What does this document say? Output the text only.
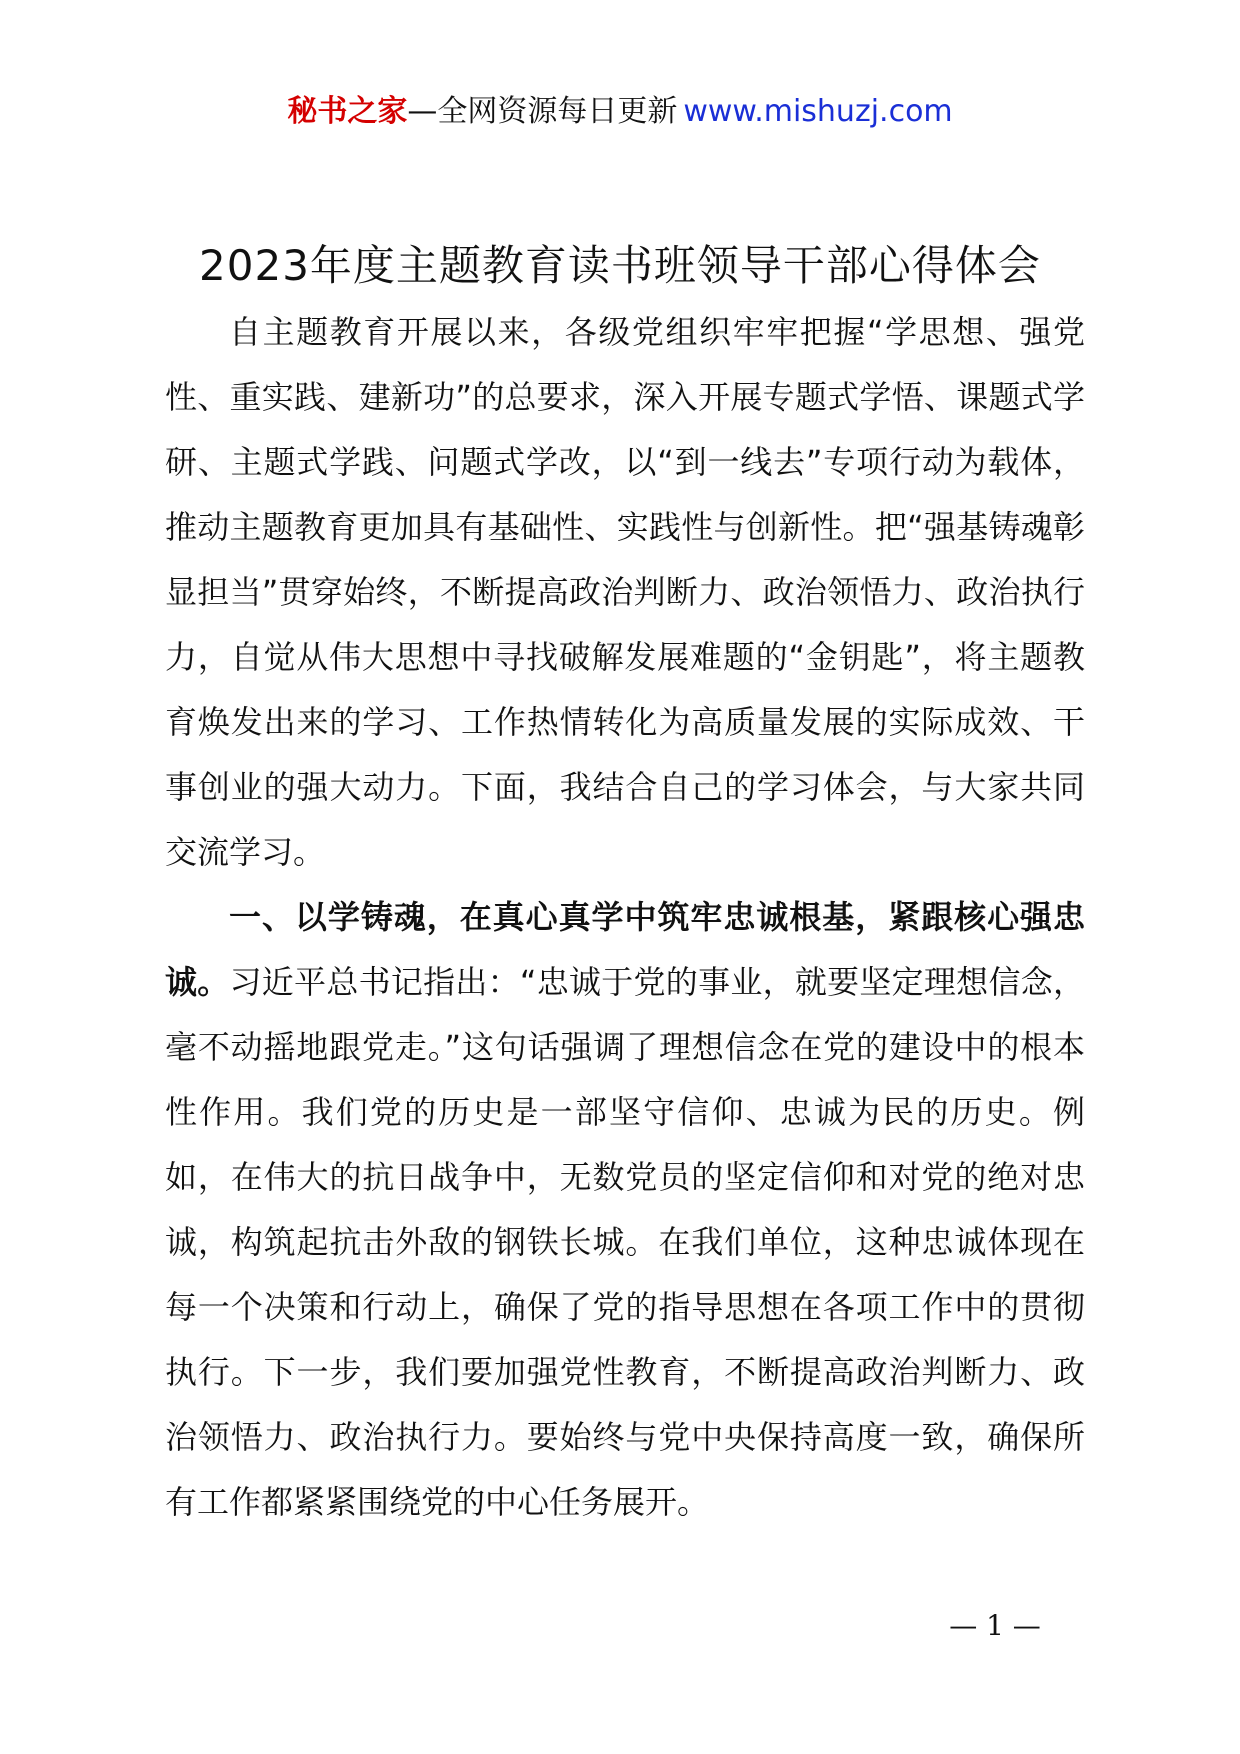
秘书之家—全网资源每日更新 www.mishuzj.com
2023年度主题教育读书班领导干部心得体会

自主题教育开展以来，各级党组织牢牢把握“学思想、强党性、重实践、建新功”的总要求，深入开展专题式学悟、课题式学研、主题式学践、问题式学改，以“到一线去”专项行动为载体，推动主题教育更加具有基础性、实践性与创新性。把“强基铸魂彰显担当”贯穿始终，不断提高政治判断力、政治领悟力、政治执行力，自觉从伟大思想中寻找破解发展难题的“金钥匙”，将主题教育焕发出来的学习、工作热情转化为高质量发展的实际成效、干事创业的强大动力。下面，我结合自己的学习体会，与大家共同交流学习。

一、以学铸魂，在真心真学中筑牢忠诚根基，紧跟核心强忠诚。习近平总书记指出：“忠诚于党的事业，就要坚定理想信念，毫不动摇地跟党走。”这句话强调了理想信念在党的建设中的根本性作用。我们党的历史是一部坚守信仰、忠诚为民的历史。例如，在伟大的抗日战争中，无数党员的坚定信仰和对党的绝对忠诚，构筑起抗击外敌的钢铁长城。在我们单位，这种忠诚体现在每一个决策和行动上，确保了党的指导思想在各项工作中的贯彻执行。下一步，我们要加强党性教育，不断提高政治判断力、政治领悟力、政治执行力。要始终与党中央保持高度一致，确保所有工作都紧紧围绕党的中心任务展开。

— 1 —
